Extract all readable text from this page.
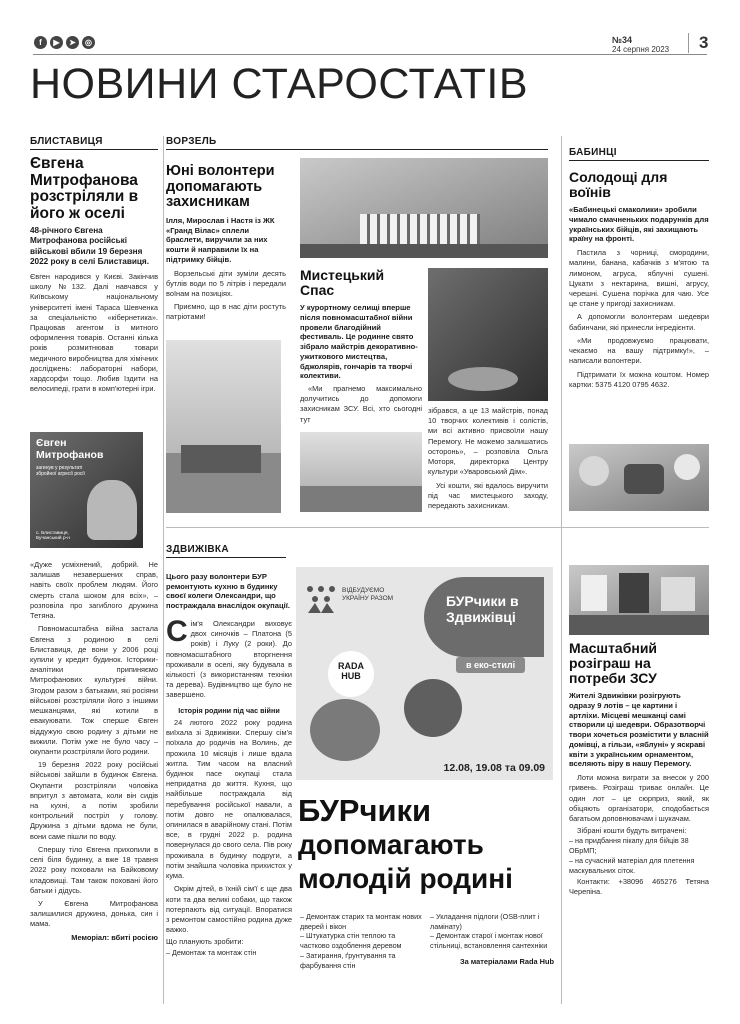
f	▶	➤	◎	№34
24 серпня 2023	3
НОВИНИ СТАРОСТАТІВ
БЛИСТАВИЦЯ
Євгена Митрофанова розстріляли в його ж оселі
48-річного Євгена Митрофанова російські військові вбили 19 березня 2022 року в селі Блиставиця.
Євген народився у Києві. Закінчив школу №132. Далі навчався у Київському національному університеті імені Тараса Шевченка за спеціальністю «кібернетика». Працював агентом із митного оформлення товарів. Останні кілька років розмитнював товари медичного виробництва для хімічних досліджень: лабораторні набори, хардсорфи тощо. Любив їздити на велосипеді, грати в комп'ютерні ігри.
Євген Митрофанов
загинув у результаті збройної агресії росії
с. Блиставиця, Бучанський р-н
«Дуже усміхнений, добрий. Не залишав незавершених справ, навіть своїх проблем людям. Його смерть стала шоком для всіх», – розповіла про загиблого дружина Тетяна.
Повномасштабна війна застала Євгена з родиною в селі Блиставиця, де вони у 2006 році купили у кредит будинок. Історики-аналітики припиняємо Митрофанових культурні війни. Згодом разом з батьками, які росіяни військові розстріляли його з іншими мешканцями, які котили в евакуювати. Тож сперше Євген віддужую свою родину з дітьми не вижили. Потім уже не було часу – окупанти розстріляли його родини.
19 березня 2022 року російські військові зайшли в будинок Євгена. Окупанти розстріляли чоловіка впритул з автомата, коли він сидів на кухні, а потім зробили контрольний постріл у голову. Дружина з дітьми вдома не були, вони саме пішли по воду.
Спершу тіло Євгена прихопили в селі біля будинку, а вже 18 травня 2022 року поховали на Байковому кладовищі. Там також поховані його батьки і дідусь.
У Євгена Митрофанова залишилися дружина, донька, син і мама.
Меморіал: вбиті росією
ВОРЗЕЛЬ
Юні волонтери допомагають захисникам
Ілля, Мирослав і Настя із ЖК «Гранд Вілас» сплели браслети, виручили за них кошти й направили їх на підтримку бійців.
Ворзельські діти зуміли десять бутлів води по 5 літрів і передали воїнам на позиціях.
Приємно, що в нас діти ростуть патріотами!
Мистецький Спас
У курортному селищі вперше після повномасштабної війни провели благодійний фестиваль. Це родинне свято зібрало майстрів декоративно-ужиткового мистецтва, бджолярів, гончарів та творчі колективи.
«Ми прагнемо максимально долучитись до допомоги захисникам ЗСУ. Всі, хто сьогодні тут
зібрався, а це 13 майстрів, понад 10 творчих колективів і солістів, ми всі активно присвоїли нашу Перемогу. Не можемо залишатись осторонь», – розповіла Ольга Моторя, директорка Центру культури «Уваровський Дім».
Усі кошти, які вдалось виручити під час мистецького заходу, передають захисникам.
БАБИНЦІ
Солодощі для воїнів
«Бабинецькі смаколики» зробили чимало смачненьких подарунків для українських бійців, які захищають країну на фронті.
Пастила з чорниці, смородини, малини, банана, кабачків з м'ятою та лимоном, агруса, яблучні сушені. Цукати з нектарина, вишні, агрусу, черешні. Сушена порічка для чаю. Усе це стане у пригоді захисникам.
А допомогли волонтерам шедеври бабинчани, які принесли інгредієнти.
«Ми продовжуємо працювати, чекаємо на вашу підтримку!», – написали волонтери.
Підтримати їх можна коштом. Номер картки: 5375 4120 0795 4632.
ЗДВИЖІВКА
Цього разу волонтери БУР ремонтують кухню в будинку своєї колеги Олександри, що постраждала внаслідок окупації.
С ім'я Олександри виховує двох синочків – Платона (5 років) і Луку (2 роки). До повномасштабного вторгнення проживали в оселі, яку будувала в кількості (з використанням техніки та дерева). Будівництво ще було не завершено.
Історія родини під час війни
24 лютого 2022 року родина виїхала зі Здвижівки. Спершу сім'я поїхала до родичів на Волинь, де прожила 10 місяців і лише вдала житла. Тим часом на власний будинок пасе окупаці стала непридатна до життя. Кухня, що найбільше постраждала від перебування російської навали, а потім довго не опалювалася, опинилася в аварійному стані. Потім все, в грудні 2022 р. родина повернулася до свого села. Пів року проживала в будинку подруги, а потім знайшла чоловіка прихистох у кума.
Окрім дітей, в їхній сім'ї є ще два коти та два великі собаки, що також потерпають від ситуації. Впоратися з ремонтом самостійно родина дуже важко.
Що планують зробити:
– Демонтаж та монтаж стін
ВІДБУДУЄМО УКРАЇНУ РАЗОМ	БУРчики в
Здвижівці
в еко-стилі
RADA
HUB
12.08, 19.08 та 09.09
БУРчики
допомагають
молодій родині
– Демонтаж старих та монтаж нових дверей і вікон
– Штукатурка стін теплою та частково оздоблення деревом
– Затирання, ґрунтування та фарбування стін
– Укладання підлоги (OSB-плит і ламінату)
– Демонтаж старої і монтаж нової стільниці, встановлення сантехніки
За матеріалами Rada Hub
Масштабний розіграш на потреби ЗСУ
Жителі Здвижівки розігрують одразу 9 лотів – це картини і артліхи. Місцеві мешканці самі створили ці шедеври. Образотворчі твори хочеться розмістити у власній домівці, а гільзи, «яблуні» у яскраві квіти з українським орнаментом, вселяють віру в нашу Перемогу.
Лоти можна виграти за внесок у 200 гривень. Розіграш триває онлайн. Це один лот – це сюрприз, який, як обіцяють організатори, сподобається багатьом доповнювачам і шукачам.
Зібрані кошти будуть витрачені:
– на придбання пікапу для бійців 38 ОБрМП;
– на сучасний матеріал для плетення маскувальних сіток.
Контакти: +38096 465276 Тетяна Черепіна.
